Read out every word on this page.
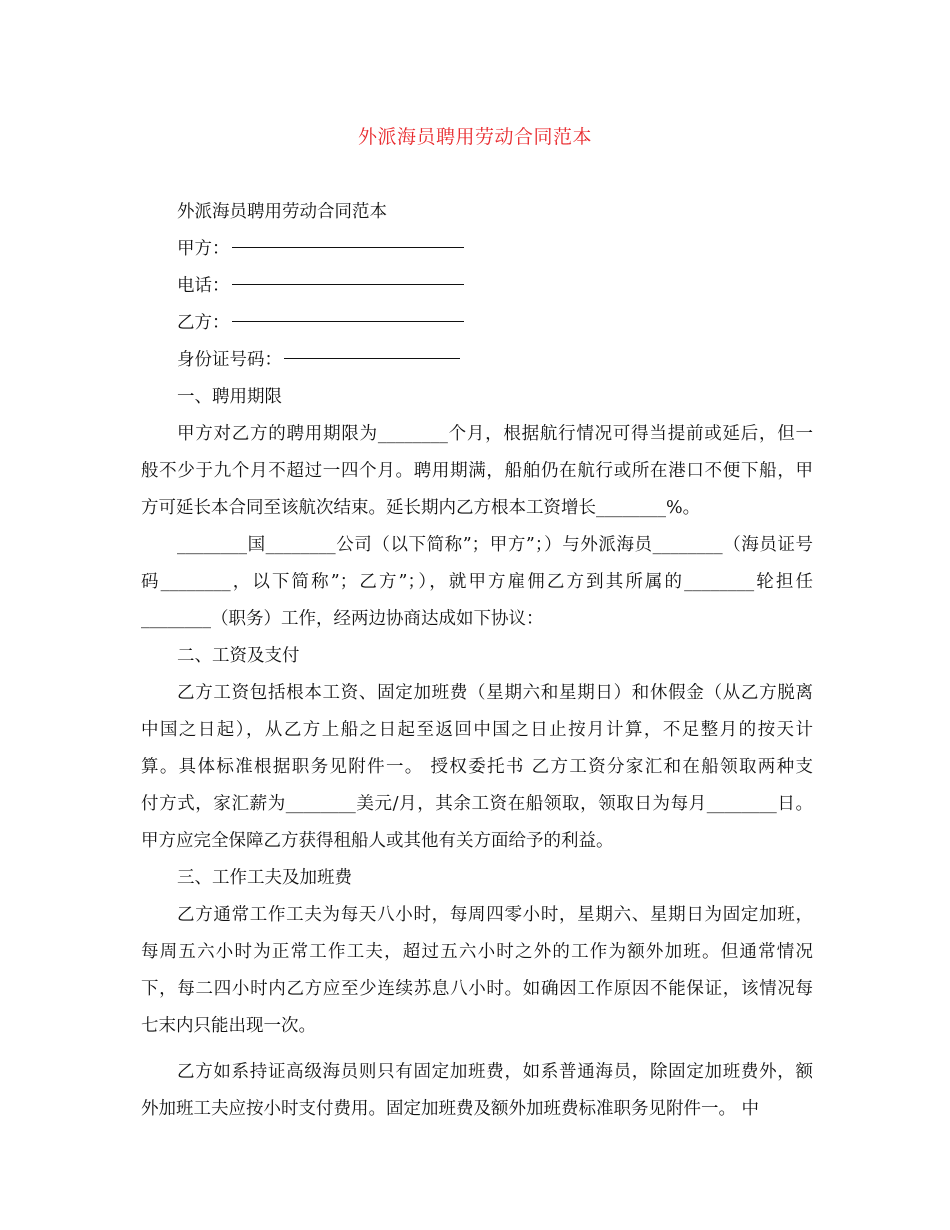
外派海员聘用劳动合同范本
外派海员聘用劳动合同范本
甲方：
电话：
乙方：
身份证号码：
一、聘用期限
甲方对乙方的聘用期限为________个月，根据航行情况可得当提前或延后，但一
般不少于九个月不超过一四个月。聘用期满，船舶仍在航行或所在港口不便下船，甲
方可延长本合同至该航次结束。延长期内乙方根本工资增长________%。
________国________公司（以下简称”；甲方”；）与外派海员________（海员证号
码________，以下简称”；乙方”；），就甲方雇佣乙方到其所属的________轮担任
________（职务）工作，经两边协商达成如下协议：
二、工资及支付
乙方工资包括根本工资、固定加班费（星期六和星期日）和休假金（从乙方脱离
中国之日起），从乙方上船之日起至返回中国之日止按月计算，不足整月的按天计
算。具体标准根据职务见附件一。 授权委托书 乙方工资分家汇和在船领取两种支
付方式，家汇薪为________美元/月，其余工资在船领取，领取日为每月________日。
甲方应完全保障乙方获得租船人或其他有关方面给予的利益。
三、工作工夫及加班费
乙方通常工作工夫为每天八小时，每周四零小时，星期六、星期日为固定加班，
每周五六小时为正常工作工夫，超过五六小时之外的工作为额外加班。但通常情况
下，每二四小时内乙方应至少连续苏息八小时。如确因工作原因不能保证，该情况每
七末内只能出现一次。
乙方如系持证高级海员则只有固定加班费，如系普通海员，除固定加班费外，额
外加班工夫应按小时支付费用。固定加班费及额外加班费标准职务见附件一。 中
